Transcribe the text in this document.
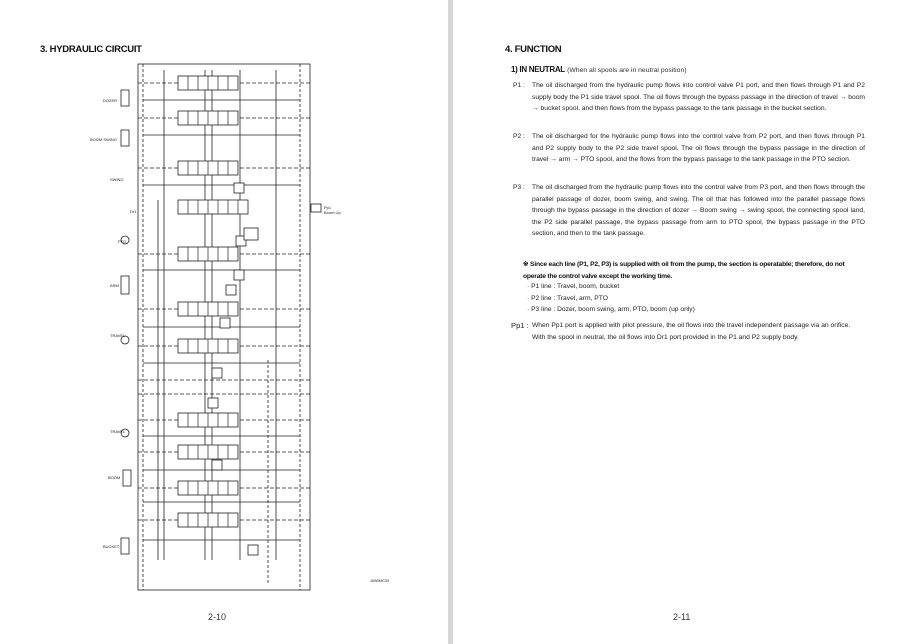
3. HYDRAULIC CIRCUIT
DOZER
BOOM SWING
SWING
PTO
ARM
TRAVEL
TRAVEL
BOOM
BUCKET
Dr1
Pp1
Boom Up
16W9MC05
2-10
4. FUNCTION
1) IN NEUTRAL (When all spools are in neutral position)
P1 : The oil discharged from the hydraulic pump flows into control valve P1 port, and then flows through P1 and P2 supply body the P1 side travel spool. The oil flows through the bypass passage in the direction of travel → boom → bucket spool, and then flows from the bypass passage to the tank passage in the bucket section.
P2 : The oil discharged for the hydraulic pump flows into the control valve from P2 port, and then flows through P1 and P2 supply body to the P2 side travel spool. The oil flows through the bypass passage in the direction of travel → arm → PTO spool, and the flows from the bypass passage to the tank passage in the PTO section.
P3 : The oil discharged from the hydraulic pump flows into the control valve from P3 port, and then flows through the parallel passage of dozer, boom swing, and swing. The oil that has followed into the parallel passage flows through the bypass passage in the direction of dozer → Boom swing → swing spool, the connecting spool land, the P2 side parallel passage, the bypass passage from arm to PTO spool, the bypass passage in the PTO section, and then to the tank passage.
※ Since each line (P1, P2, P3) is supplied with oil from the pump, the section is operatable; therefore, do not operate the control valve except the working time.
· P1 line : Travel, boom, bucket
· P2 line : Travel, arm, PTO
· P3 line : Dozer, boom swing, arm, PTO, boom (up only)
Pp1 : When Pp1 port is applied with pilot pressure, the oil flows into the travel independent passage via an orifice.
With the spool in neutral, the oil flows into Dr1 port provided in the P1 and P2 supply body.
2-11
